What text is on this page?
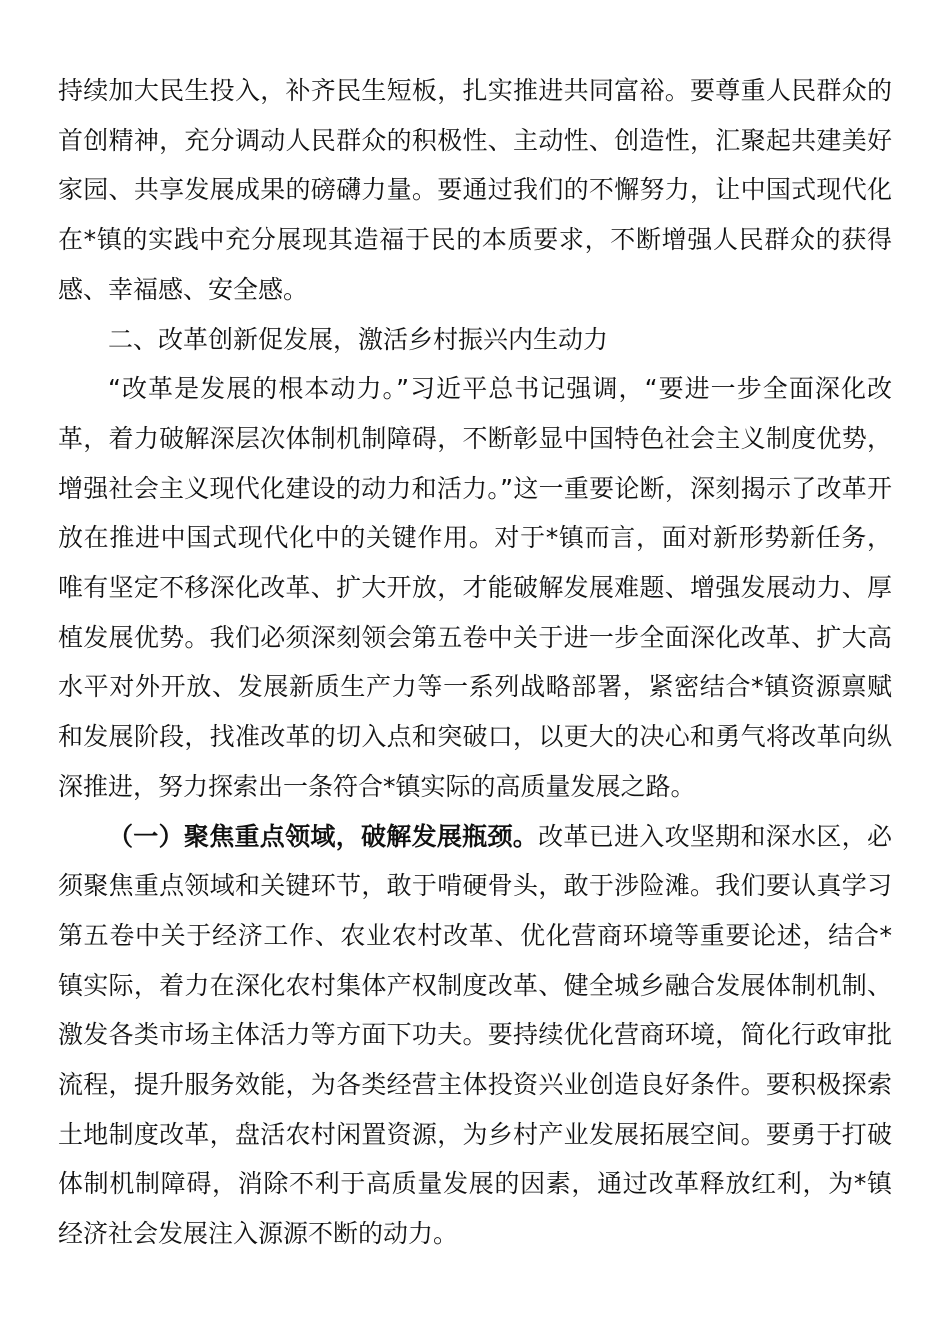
持续加大民生投入，补齐民生短板，扎实推进共同富裕。要尊重人民群众的首创精神，充分调动人民群众的积极性、主动性、创造性，汇聚起共建美好家园、共享发展成果的磅礴力量。要通过我们的不懈努力，让中国式现代化在*镇的实践中充分展现其造福于民的本质要求，不断增强人民群众的获得感、幸福感、安全感。

二、改革创新促发展，激活乡村振兴内生动力

“改革是发展的根本动力。”习近平总书记强调，“要进一步全面深化改革，着力破解深层次体制机制障碍，不断彰显中国特色社会主义制度优势，增强社会主义现代化建设的动力和活力。”这一重要论断，深刻揭示了改革开放在推进中国式现代化中的关键作用。对于*镇而言，面对新形势新任务，唯有坚定不移深化改革、扩大开放，才能破解发展难题、增强发展动力、厚植发展优势。我们必须深刻领会第五卷中关于进一步全面深化改革、扩大高水平对外开放、发展新质生产力等一系列战略部署，紧密结合*镇资源禀赋和发展阶段，找准改革的切入点和突破口，以更大的决心和勇气将改革向纵深推进，努力探索出一条符合*镇实际的高质量发展之路。

（一）聚焦重点领域，破解发展瓶颈。改革已进入攻坚期和深水区，必须聚焦重点领域和关键环节，敢于啃硬骨头，敢于涉险滩。我们要认真学习第五卷中关于经济工作、农业农村改革、优化营商环境等重要论述，结合*镇实际，着力在深化农村集体产权制度改革、健全城乡融合发展体制机制、激发各类市场主体活力等方面下功夫。要持续优化营商环境，简化行政审批流程，提升服务效能，为各类经营主体投资兴业创造良好条件。要积极探索土地制度改革，盘活农村闲置资源，为乡村产业发展拓展空间。要勇于打破体制机制障碍，消除不利于高质量发展的因素，通过改革释放红利，为*镇经济社会发展注入源源不断的动力。
